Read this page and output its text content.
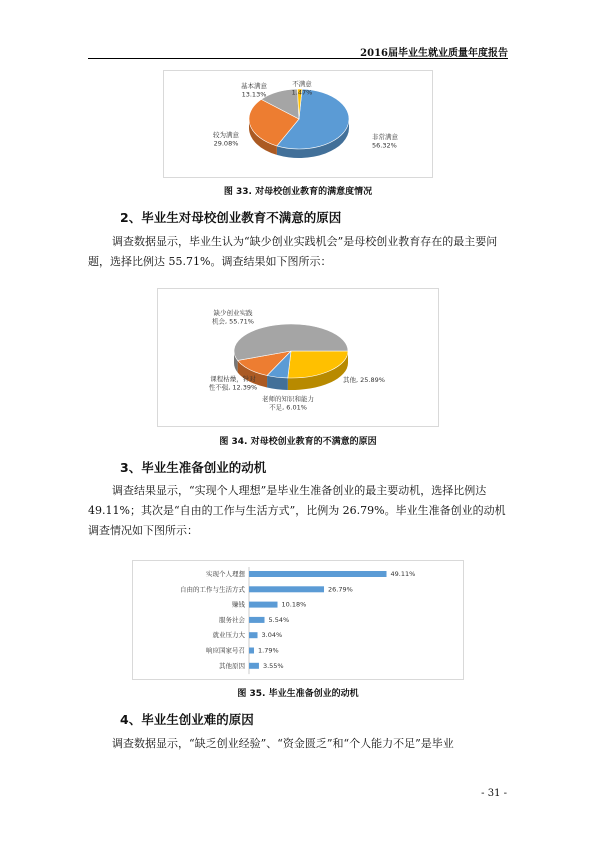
2016届毕业生就业质量年度报告
非常满意 56.32%
较为满意 29.08%
基本满意 13.13%
不满意 1.47%
图 33. 对母校创业教育的满意度情况
2、毕业生对母校创业教育不满意的原因
调查数据显示，毕业生认为“缺少创业实践机会”是母校创业教育存在的最主要问题，选择比例达 55.71%。调查结果如下图所示：
缺少创业实践机会, 55.71%
其他, 25.89%
老师的知识和能力不足, 6.01%
课程枯燥，针对性不强, 12.39%
图 34. 对母校创业教育的不满意的原因
3、毕业生准备创业的动机
调查结果显示，“实现个人理想”是毕业生准备创业的最主要动机，选择比例达 49.11%；其次是“自由的工作与生活方式”，比例为 26.79%。毕业生准备创业的动机调查情况如下图所示：
实现个人理想	49.11%
自由的工作与生活方式	26.79%
赚钱	10.18%
服务社会	5.54%
就业压力大	3.04%
响应国家号召 1.79%
其他原因	3.55%
图 35. 毕业生准备创业的动机
4、毕业生创业难的原因
调查数据显示，“缺乏创业经验”、“资金匮乏”和“个人能力不足”是毕业
- 31 -
